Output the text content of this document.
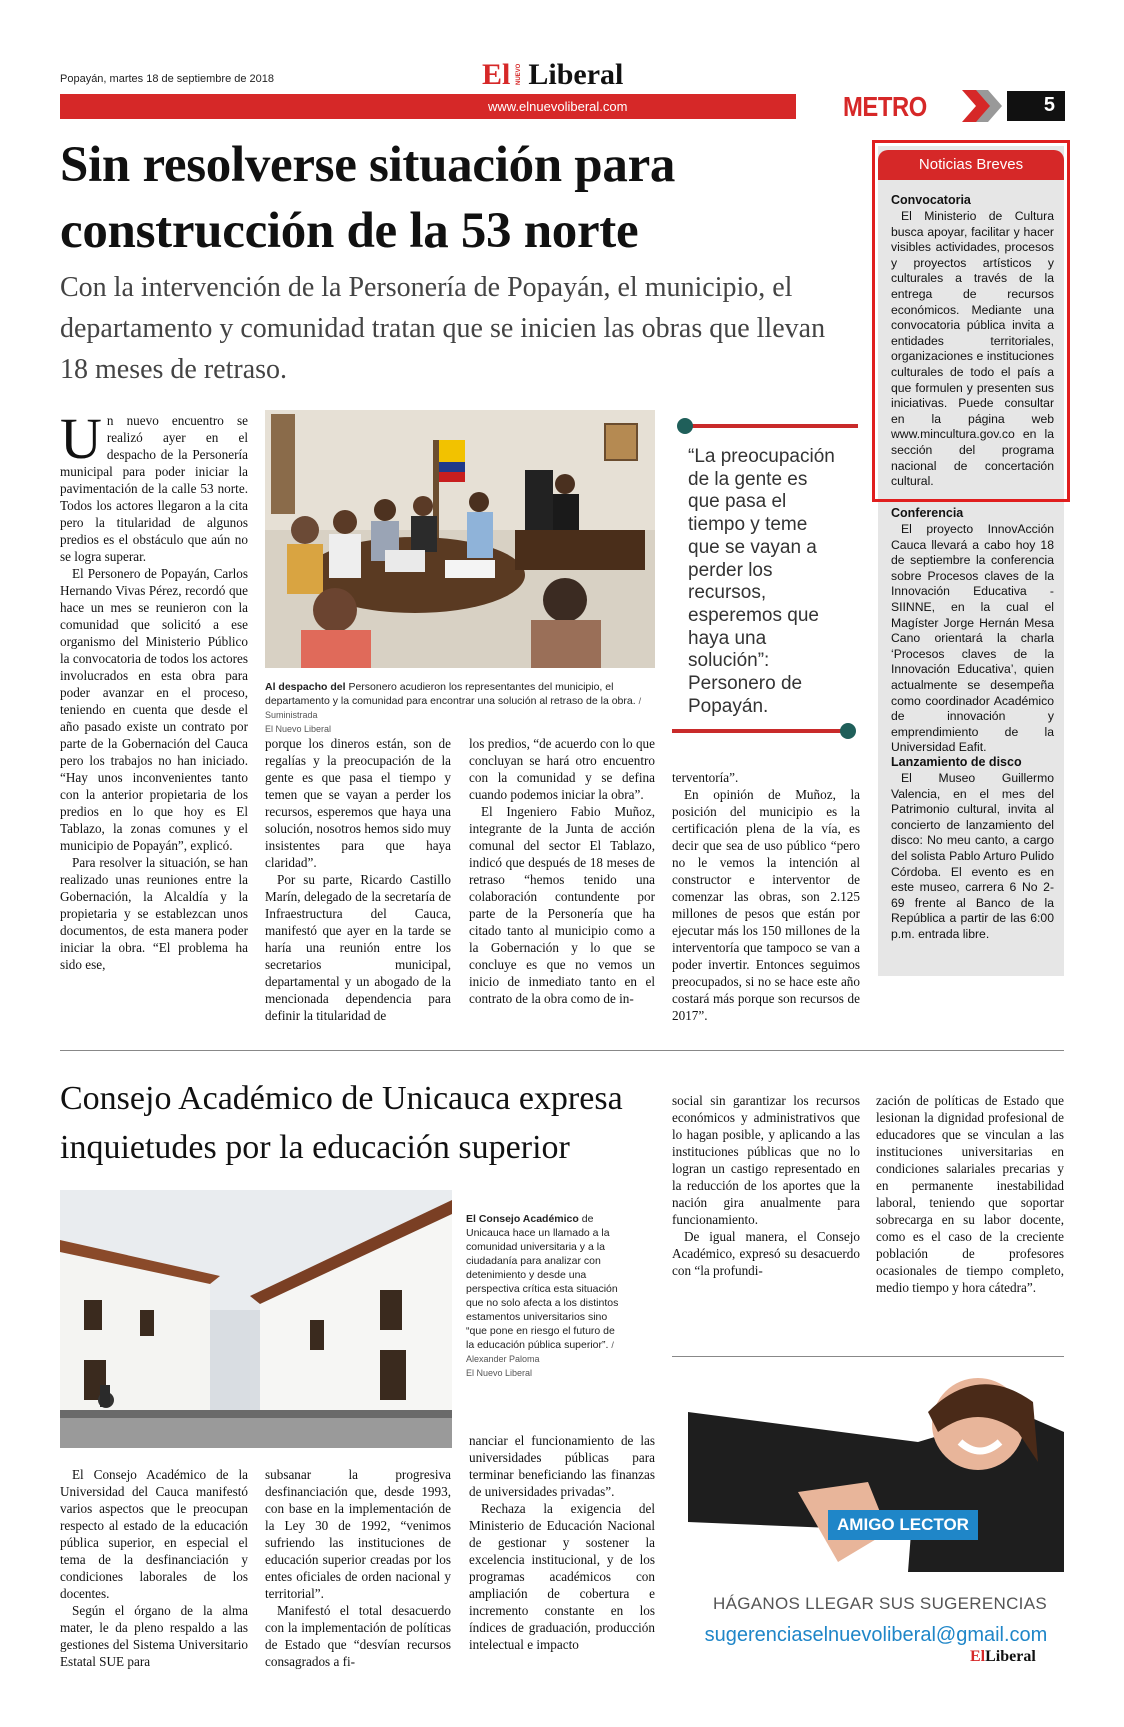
Popayán, martes 18 de septiembre de 2018	El NUEVO Liberal
www.elnuevoliberal.com	METRO	5
Sin resolverse situación para
construcción de la 53 norte
Con la intervención de la Personería de Popayán, el municipio, el departamento y comunidad tratan que se inicien las obras que llevan 18 meses de retraso.

Un nuevo encuentro se realizó ayer en el despacho de la Personería municipal para poder iniciar la pavimentación de la calle 53 norte. Todos los actores llegaron a la cita pero la titularidad de algunos predios es el obstáculo que aún no se logra superar.

El Personero de Popayán, Carlos Hernando Vivas Pérez, recordó que hace un mes se reunieron con la comunidad que solicitó a ese organismo del Ministerio Público la convocatoria de todos los actores involucrados en esta obra para poder avanzar en el proceso, teniendo en cuenta que desde el año pasado existe un contrato por parte de la Gobernación del Cauca pero los trabajos no han iniciado. “Hay unos inconvenientes tanto con la anterior propietaria de los predios en lo que hoy es El Tablazo, la zonas comunes y el municipio de Popayán”, explicó.

Para resolver la situación, se han realizado unas reuniones entre la Gobernación, la Alcaldía y la propietaria y se establezcan unos documentos, de esta manera poder iniciar la obra. “El problema ha sido ese,

Al despacho del Personero acudieron los representantes del municipio, el departamento y la comunidad para encontrar una solución al retraso de la obra. / Suministrada
El Nuevo Liberal

porque los dineros están, son de regalías y la preocupación de la gente es que pasa el tiempo y temen que se vayan a perder los recursos, esperemos que haya una solución, nosotros hemos sido muy insistentes para que haya claridad”.

Por su parte, Ricardo Castillo Marín, delegado de la secretaría de Infraestructura del Cauca, manifestó que ayer en la tarde se haría una reunión entre los secretarios municipal, departamental y un abogado de la mencionada dependencia para definir la titularidad de

los predios, “de acuerdo con lo que concluyan se hará otro encuentro con la comunidad y se defina cuando podemos iniciar la obra”.

El Ingeniero Fabio Muñoz, integrante de la Junta de acción comunal del sector El Tablazo, indicó que después de 18 meses de retraso “hemos tenido una colaboración contundente por parte de la Personería que ha citado tanto al municipio como a la Gobernación y lo que se concluye es que no vemos un inicio de inmediato tanto en el contrato de la obra como de in-

“La preocupación de la gente es que pasa el tiempo y teme que se vayan a perder los recursos, esperemos que haya una solución”: Personero de Popayán.

terventoría”.

En opinión de Muñoz, la posición del municipio es la certificación plena de la vía, es decir que sea de uso público “pero no le vemos la intención al constructor e interventor de comenzar las obras, son 2.125 millones de pesos que están por ejecutar más los 150 millones de la interventoría que tampoco se van a poder invertir. Entonces seguimos preocupados, si no se hace este año costará más porque son recursos de 2017”.

Noticias Breves
Convocatoria
El Ministerio de Cultura busca apoyar, facilitar y hacer visibles actividades, procesos y proyectos artísticos y culturales a través de la entrega de recursos económicos. Mediante una convocatoria pública invita a entidades territoriales, organizaciones e instituciones culturales de todo el país a que formulen y presenten sus iniciativas. Puede consultar en la página web www.mincultura.gov.co en la sección del programa nacional de concertación cultural.
Conferencia
El proyecto InnovAcción Cauca llevará a cabo hoy 18 de septiembre la conferencia sobre Procesos claves de la Innovación Educativa - SIINNE, en la cual el Magíster Jorge Hernán Mesa Cano orientará la charla ‘Procesos claves de la Innovación Educativa’, quien actualmente se desempeña como coordinador Académico de innovación y emprendimiento de la Universidad Eafit.
Lanzamiento de disco
El Museo Guillermo Valencia, en el mes del Patrimonio cultural, invita al concierto de lanzamiento del disco: No meu canto, a cargo del solista Pablo Arturo Pulido Córdoba. El evento es en este museo, carrera 6 No 2-69 frente al Banco de la República a partir de las 6:00 p.m. entrada libre.
Consejo Académico de Unicauca expresa
inquietudes por la educación superior
El Consejo Académico de Unicauca hace un llamado a la comunidad universitaria y a la ciudadanía para analizar con detenimiento y desde una perspectiva crítica esta situación que no solo afecta a los distintos estamentos universitarios sino “que pone en riesgo el futuro de la educación pública superior”. / Alexander Paloma
El Nuevo Liberal

El Consejo Académico de la Universidad del Cauca manifestó varios aspectos que le preocupan respecto al estado de la educación pública superior, en especial el tema de la desfinanciación y condiciones laborales de los docentes.

Según el órgano de la alma mater, le da pleno respaldo a las gestiones del Sistema Universitario Estatal SUE para

subsanar la progresiva desfinanciación que, desde 1993, con base en la implementación de la Ley 30 de 1992, “venimos sufriendo las instituciones de educación superior creadas por los entes oficiales de orden nacional y territorial”.

Manifestó el total desacuerdo con la implementación de políticas de Estado que “desvían recursos consagrados a fi-

nanciar el funcionamiento de las universidades públicas para terminar beneficiando las finanzas de universidades privadas”.

Rechaza la exigencia del Ministerio de Educación Nacional de gestionar y sostener la excelencia institucional, y de los programas académicos con ampliación de cobertura e incremento constante en los índices de graduación, producción intelectual e impacto

social sin garantizar los recursos económicos y administrativos que lo hagan posible, y aplicando a las instituciones públicas que no lo logran un castigo representado en la reducción de los aportes que la nación gira anualmente para funcionamiento.

De igual manera, el Consejo Académico, expresó su desacuerdo con “la profundi-

zación de políticas de Estado que lesionan la dignidad profesional de educadores que se vinculan a las instituciones universitarias en condiciones salariales precarias y en permanente inestabilidad laboral, teniendo que soportar sobrecarga en su labor docente, como es el caso de la creciente población de profesores ocasionales de tiempo completo, medio tiempo y hora cátedra”.

AMIGO LECTOR
HÁGANOS LLEGAR SUS SUGERENCIAS
sugerenciaselnuevoliberal@gmail.com
ElLiberal
